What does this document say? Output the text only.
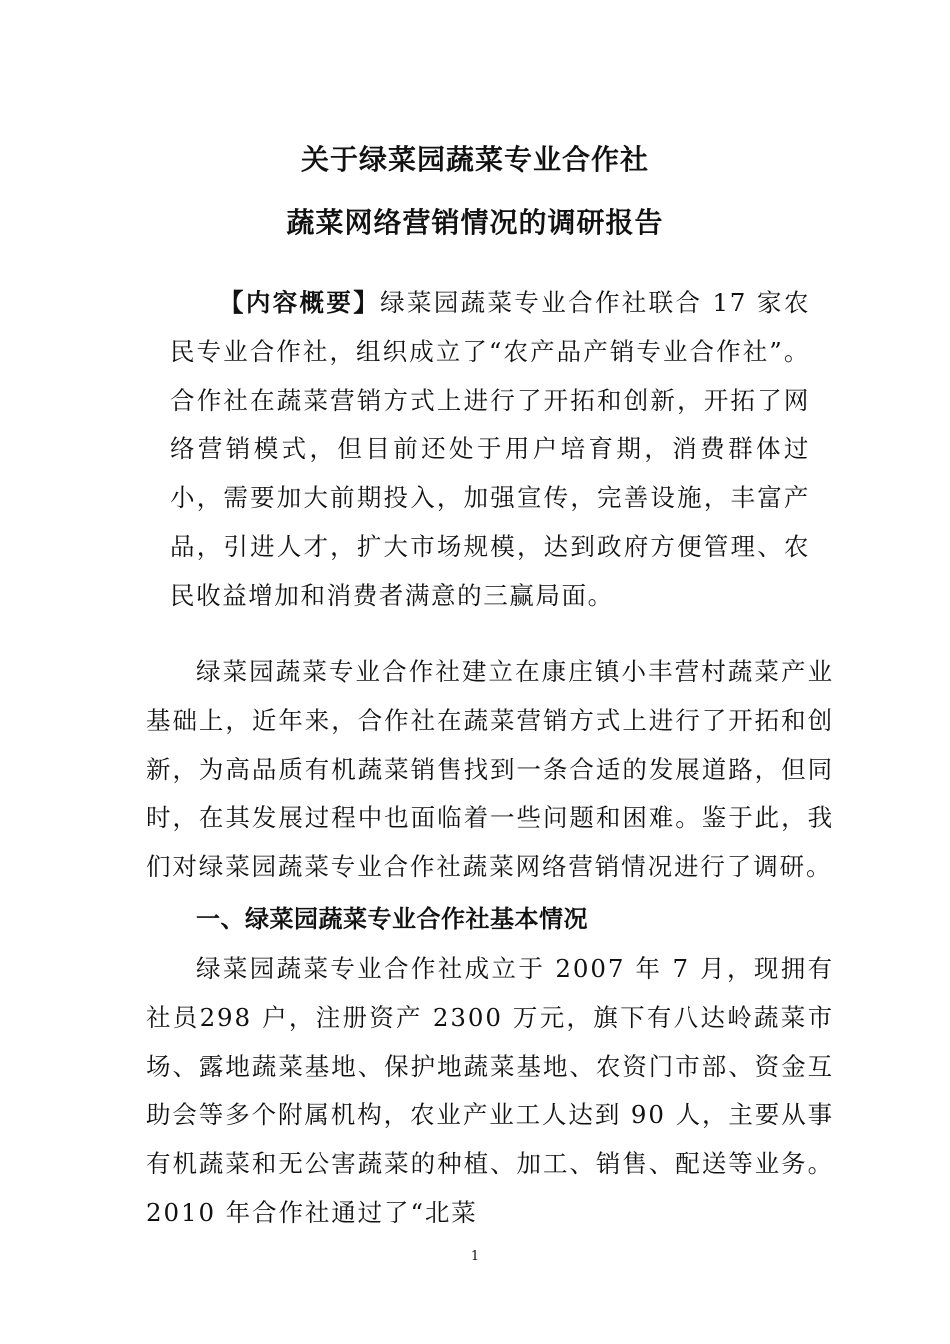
关于绿菜园蔬菜专业合作社
蔬菜网络营销情况的调研报告
【内容概要】绿菜园蔬菜专业合作社联合 17 家农民专业合作社，组织成立了“农产品产销专业合作社”。合作社在蔬菜营销方式上进行了开拓和创新，开拓了网络营销模式，但目前还处于用户培育期，消费群体过小，需要加大前期投入，加强宣传，完善设施，丰富产品，引进人才，扩大市场规模，达到政府方便管理、农民收益增加和消费者满意的三赢局面。
绿菜园蔬菜专业合作社建立在康庄镇小丰营村蔬菜产业基础上，近年来，合作社在蔬菜营销方式上进行了开拓和创新，为高品质有机蔬菜销售找到一条合适的发展道路，但同时，在其发展过程中也面临着一些问题和困难。鉴于此，我们对绿菜园蔬菜专业合作社蔬菜网络营销情况进行了调研。
一、绿菜园蔬菜专业合作社基本情况
绿菜园蔬菜专业合作社成立于 2007 年 7 月，现拥有社员298 户，注册资产 2300 万元，旗下有八达岭蔬菜市场、露地蔬菜基地、保护地蔬菜基地、农资门市部、资金互助会等多个附属机构，农业产业工人达到 90 人，主要从事有机蔬菜和无公害蔬菜的种植、加工、销售、配送等业务。2010 年合作社通过了“北菜
1
